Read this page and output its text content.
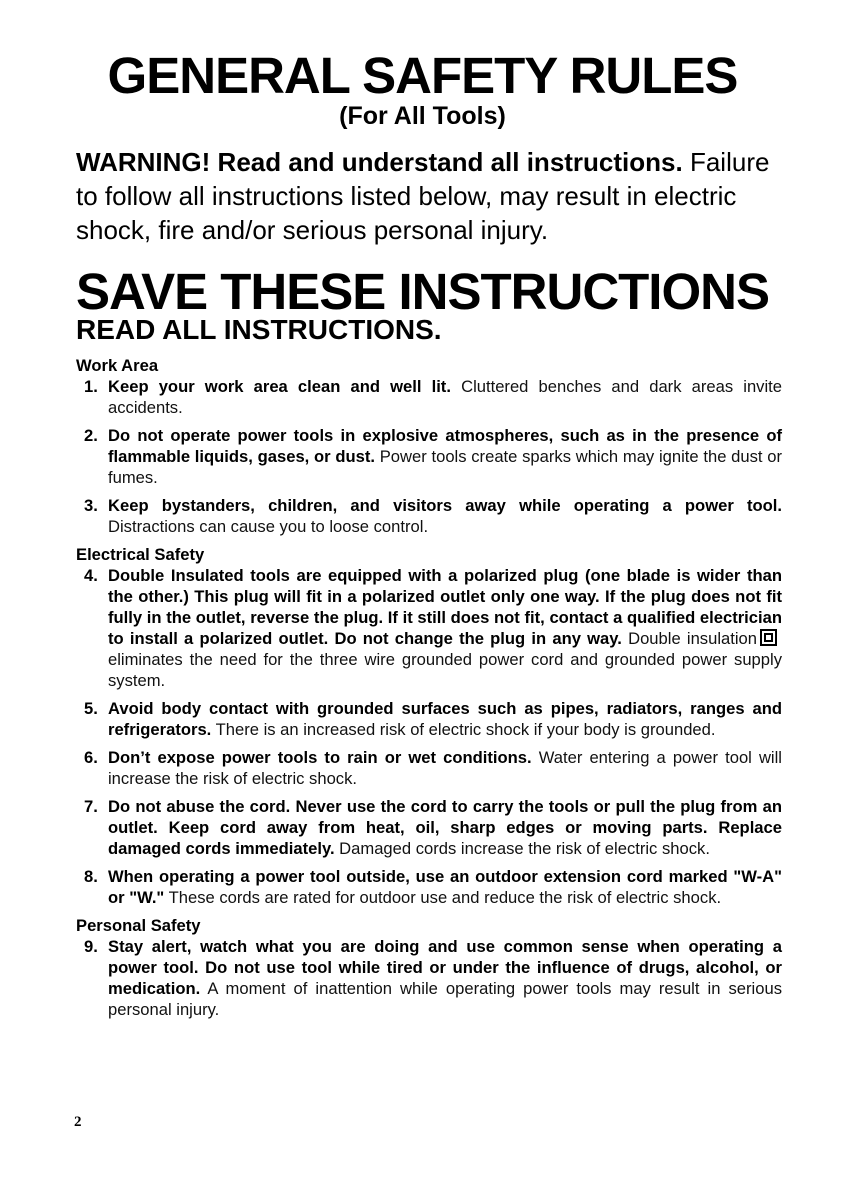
GENERAL SAFETY RULES
(For All Tools)
WARNING! Read and understand all instructions. Failure to follow all instructions listed below, may result in electric shock, fire and/or serious personal injury.
SAVE THESE INSTRUCTIONS
READ ALL INSTRUCTIONS.

Work Area

1. Keep your work area clean and well lit. Cluttered benches and dark areas invite accidents.
2. Do not operate power tools in explosive atmospheres, such as in the presence of flammable liquids, gases, or dust. Power tools create sparks which may ignite the dust or fumes.
3. Keep bystanders, children, and visitors away while operating a power tool. Distractions can cause you to loose control.

Electrical Safety

4. Double Insulated tools are equipped with a polarized plug (one blade is wider than the other.) This plug will fit in a polarized outlet only one way. If the plug does not fit fully in the outlet, reverse the plug. If it still does not fit, contact a qualified electrician to install a polarized outlet. Do not change the plug in any way. Double insulationeliminates the need for the three wire grounded power cord and grounded power supply system.
5. Avoid body contact with grounded surfaces such as pipes, radiators, ranges and refrigerators. There is an increased risk of electric shock if your body is grounded.
6. Don’t expose power tools to rain or wet conditions. Water entering a power tool will increase the risk of electric shock.
7. Do not abuse the cord. Never use the cord to carry the tools or pull the plug from an outlet. Keep cord away from heat, oil, sharp edges or moving parts. Replace damaged cords immediately. Damaged cords increase the risk of electric shock.
8. When operating a power tool outside, use an outdoor extension cord marked "W-A" or "W." These cords are rated for outdoor use and reduce the risk of electric shock.

Personal Safety

9. Stay alert, watch what you are doing and use common sense when operating a power tool. Do not use tool while tired or under the influence of drugs, alcohol, or medication. A moment of inattention while operating power tools may result in serious personal injury.
2
